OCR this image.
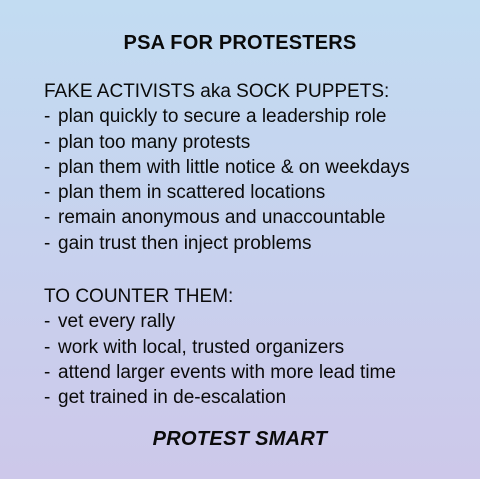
PSA FOR PROTESTERS
FAKE ACTIVISTS aka SOCK PUPPETS:
- plan quickly to secure a leadership role
- plan too many protests
- plan them with little notice & on weekdays
- plan them in scattered locations
- remain anonymous and unaccountable
- gain trust then inject problems
TO COUNTER THEM:
- vet every rally
- work with local, trusted organizers
- attend larger events with more lead time
- get trained in de-escalation
PROTEST SMART
